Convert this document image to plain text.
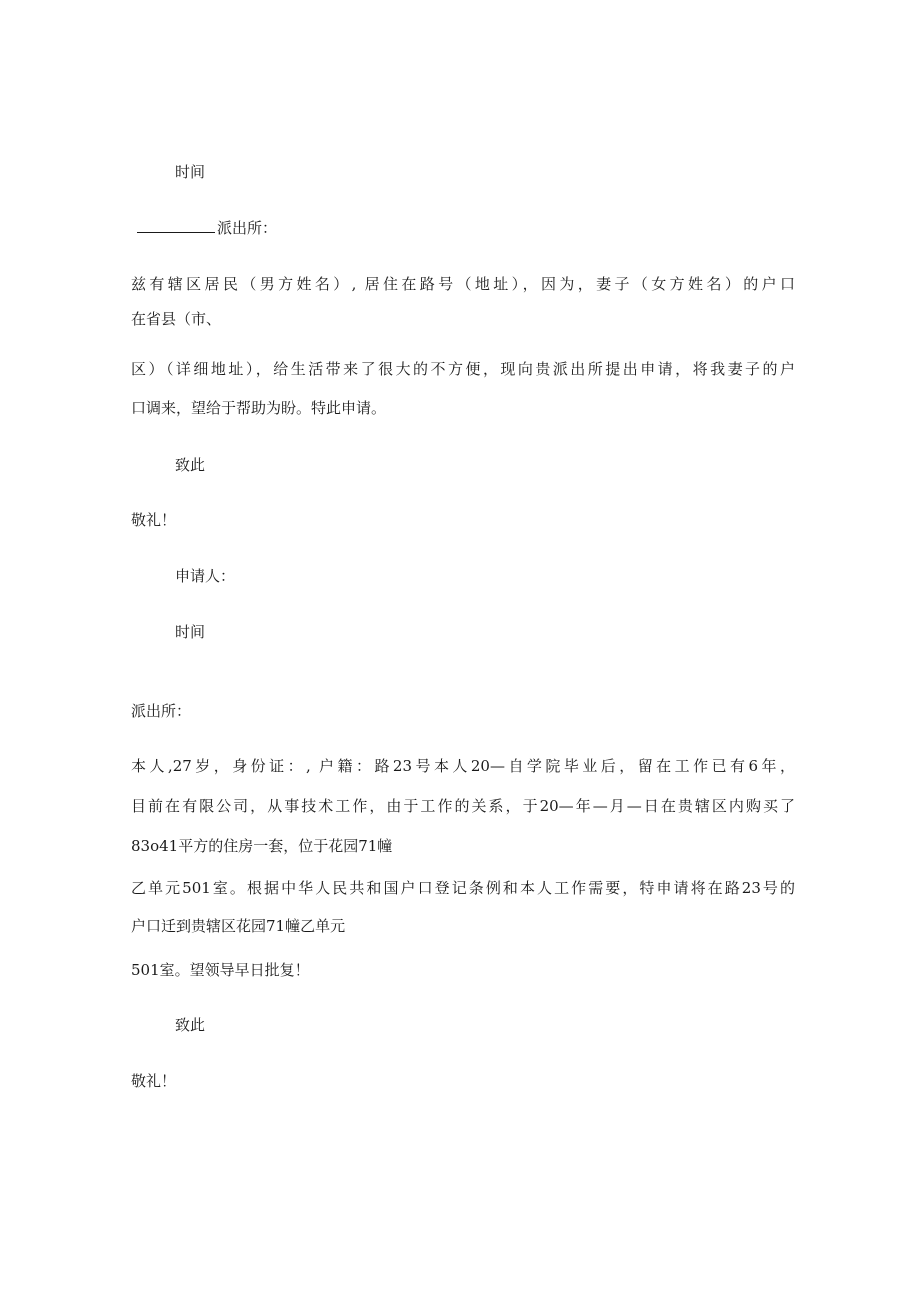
时间
派出所：
兹有辖区居民（男方姓名）, 居住在路号（地址），因为，妻子（女方姓名）的户口
在省县（市、
区）（详细地址），给生活带来了很大的不方便，现向贵派出所提出申请，将我妻子的户
口调来，望给于帮助为盼。特此申请。
致此
敬礼！
申请人：
时间
派出所：
本人,27岁，身份证：, 户籍：路23号本人20—自学院毕业后，留在工作已有6年，
目前在有限公司，从事技术工作，由于工作的关系，于20—年—月—日在贵辖区内购买了
83o41平方的住房一套，位于花园71幢
乙单元501室。根据中华人民共和国户口登记条例和本人工作需要，特申请将在路23号的
户口迁到贵辖区花园71幢乙单元
501室。望领导早日批复！
致此
敬礼！
